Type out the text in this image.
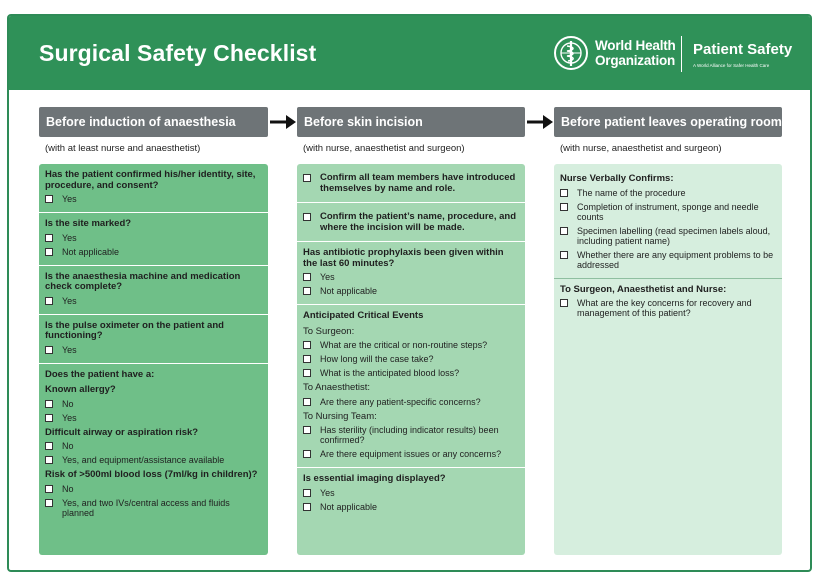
Surgical Safety Checklist	World Health
Organization
Patient Safety
A World Alliance for Safer Health Care
Before induction of anaesthesia	Before skin incision	Before patient leaves operating room
(with at least nurse and anaesthetist)	(with nurse, anaesthetist and surgeon)	(with nurse, anaesthetist and surgeon)
Has the patient confirmed his/her identity, site, procedure, and consent?
Yes
Is the site marked?
Yes
Not applicable
Is the anaesthesia machine and medication check complete?
Yes
Is the pulse oximeter on the patient and functioning?
Yes
Does the patient have a:
Known allergy?
No
Yes
Difficult airway or aspiration risk?
No
Yes, and equipment/assistance available
Risk of >500ml blood loss (7ml/kg in children)?
No
Yes, and two IVs/central access and fluids planned
Confirm all team members have introduced themselves by name and role.
Confirm the patient’s name, procedure, and where the incision will be made.
Has antibiotic prophylaxis been given within the last 60 minutes?
Yes
Not applicable
Anticipated Critical Events
To Surgeon:
What are the critical or non-routine steps?
How long will the case take?
What is the anticipated blood loss?
To Anaesthetist:
Are there any patient-specific concerns?
To Nursing Team:
Has sterility (including indicator results) been confirmed?
Are there equipment issues or any concerns?
Is essential imaging displayed?
Yes
Not applicable
Nurse Verbally Confirms:
The name of the procedure
Completion of instrument, sponge and needle counts
Specimen labelling (read specimen labels aloud, including patient name)
Whether there are any equipment problems to be addressed
To Surgeon, Anaesthetist and Nurse:
What are the key concerns for recovery and management of this patient?
